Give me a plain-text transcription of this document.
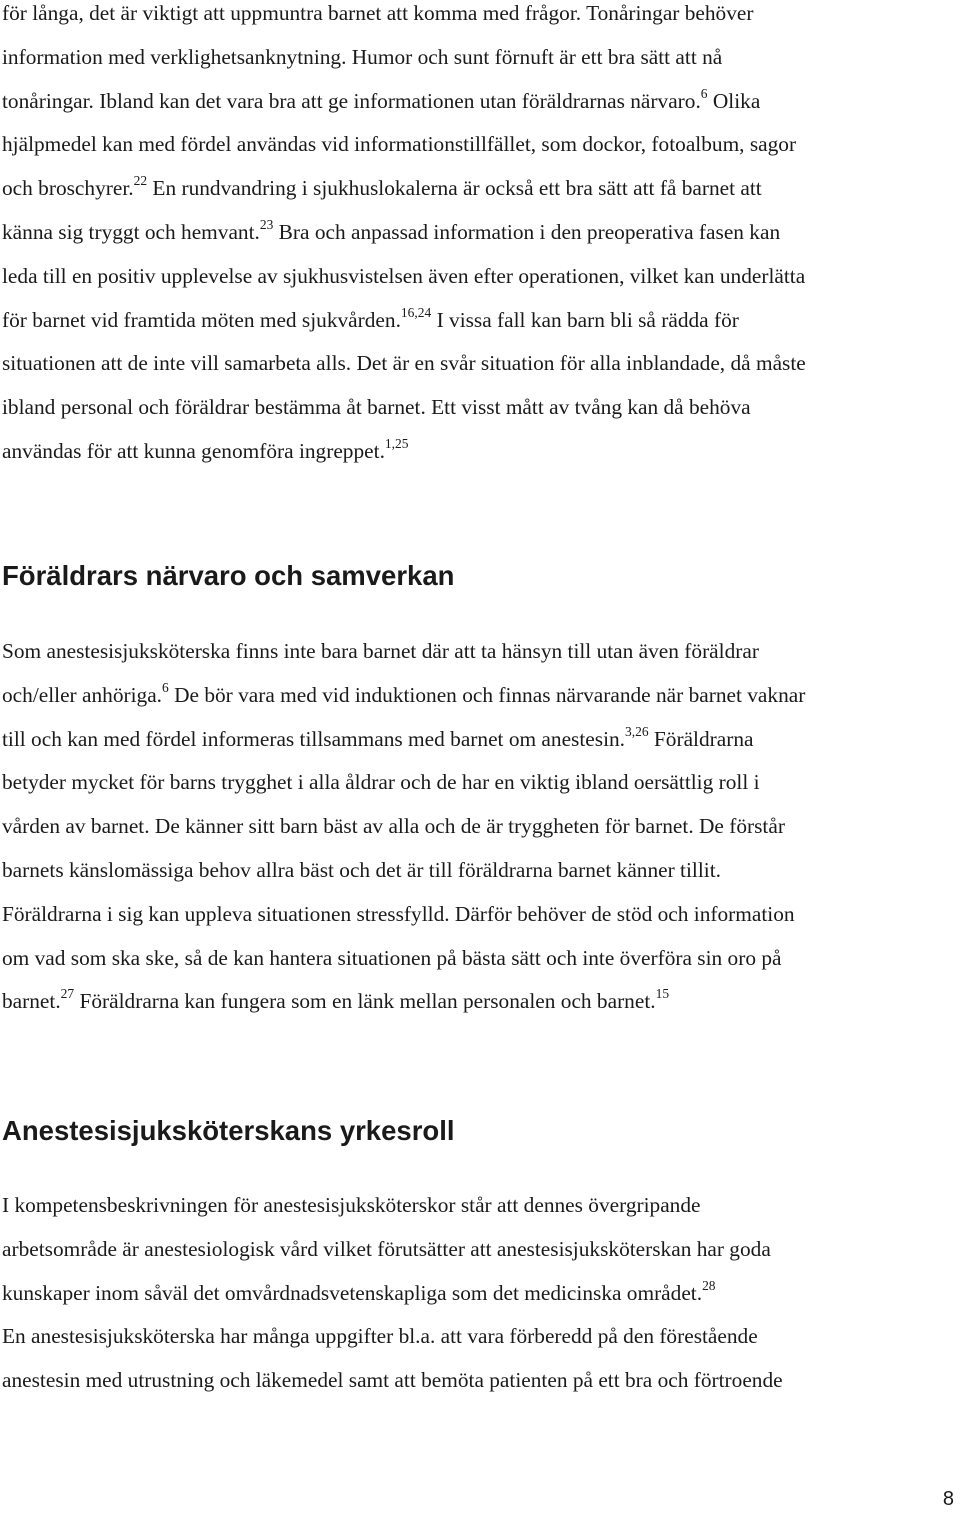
för långa, det är viktigt att uppmuntra barnet att komma med frågor. Tonåringar behöver
information med verklighetsanknytning. Humor och sunt förnuft är ett bra sätt att nå
tonåringar. Ibland kan det vara bra att ge informationen utan föräldrarnas närvaro.$^6$ Olika
hjälpmedel kan med fördel användas vid informationstillfället, som dockor, fotoalbum, sagor
och broschyrer.$^{22}$ En rundvandring i sjukhuslokalerna är också ett bra sätt att få barnet att
känna sig tryggt och hemvant.$^{23}$ Bra och anpassad information i den preoperativa fasen kan
leda till en positiv upplevelse av sjukhusvistelsen även efter operationen, vilket kan underlätta
för barnet vid framtida möten med sjukvården.$^{16,24}$ I vissa fall kan barn bli så rädda för
situationen att de inte vill samarbeta alls. Det är en svår situation för alla inblandade, då måste
ibland personal och föräldrar bestämma åt barnet. Ett visst mått av tvång kan då behöva
användas för att kunna genomföra ingreppet.$^{1,25}$
Föräldrars närvaro och samverkan
Som anestesisjuksköterska finns inte bara barnet där att ta hänsyn till utan även föräldrar
och/eller anhöriga.$^6$ De bör vara med vid induktionen och finnas närvarande när barnet vaknar
till och kan med fördel informeras tillsammans med barnet om anestesin.$^{3,26}$ Föräldrarna
betyder mycket för barns trygghet i alla åldrar och de har en viktig ibland oersättlig roll i
vården av barnet. De känner sitt barn bäst av alla och de är tryggheten för barnet. De förstår
barnets känslomässiga behov allra bäst och det är till föräldrarna barnet känner tillit.
Föräldrarna i sig kan uppleva situationen stressfylld. Därför behöver de stöd och information
om vad som ska ske, så de kan hantera situationen på bästa sätt och inte överföra sin oro på
barnet.$^{27}$ Föräldrarna kan fungera som en länk mellan personalen och barnet.$^{15}$
Anestesisjuksköterskans yrkesroll
I kompetensbeskrivningen för anestesisjuksköterskor står att dennes övergripande
arbetsområde är anestesiologisk vård vilket förutsätter att anestesisjuksköterskan har goda
kunskaper inom såväl det omvårdnadsvetenskapliga som det medicinska området.$^{28}$
En anestesisjuksköterska har många uppgifter bl.a. att vara förberedd på den förestående
anestesin med utrustning och läkemedel samt att bemöta patienten på ett bra och förtroende
8
